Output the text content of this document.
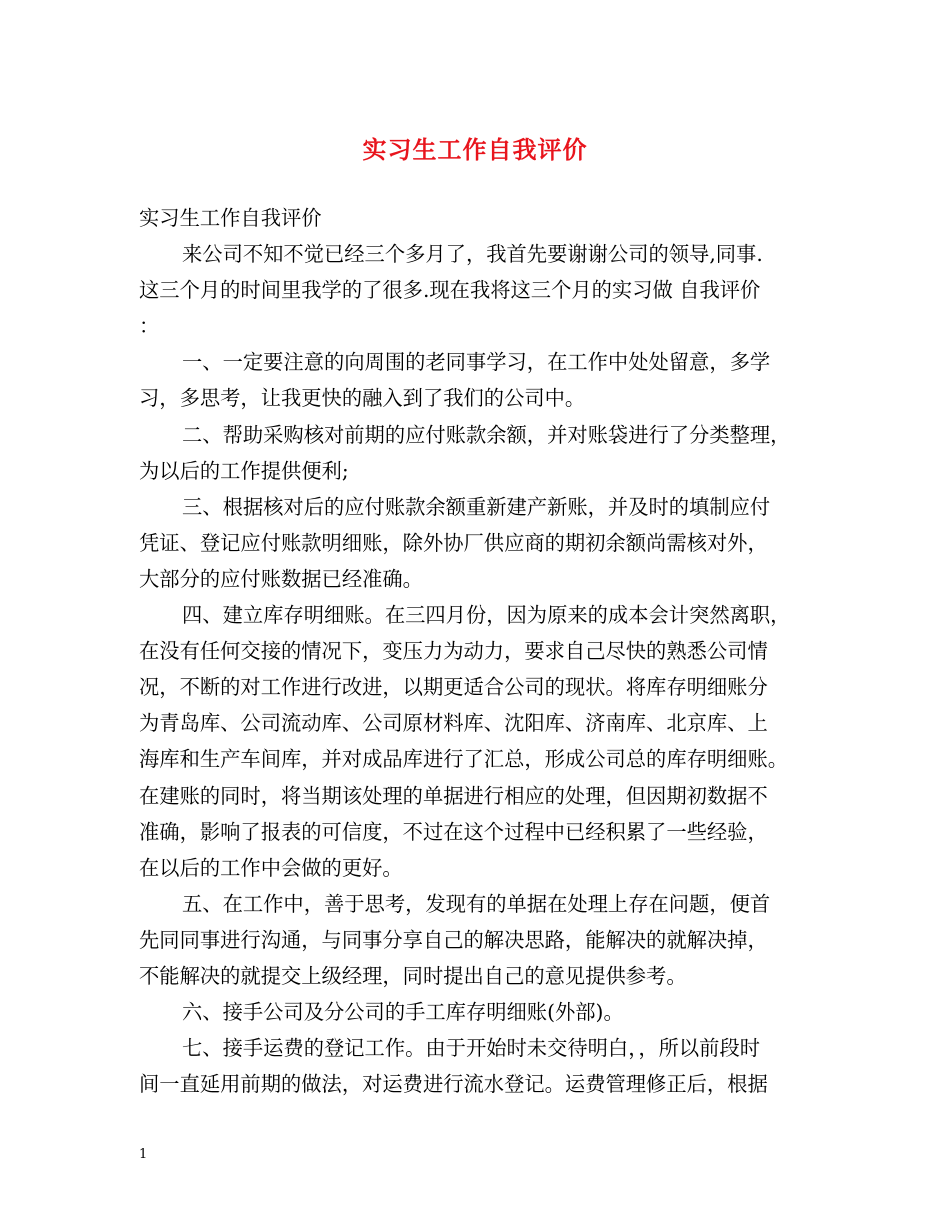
实习生工作自我评价
实习生工作自我评价
来公司不知不觉已经三个多月了，我首先要谢谢公司的领导,同事.
这三个月的时间里我学的了很多.现在我将这三个月的实习做 自我评价
：
一、一定要注意的向周围的老同事学习，在工作中处处留意，多学
习，多思考，让我更快的融入到了我们的公司中。
二、帮助采购核对前期的应付账款余额，并对账袋进行了分类整理，
为以后的工作提供便利;
三、根据核对后的应付账款余额重新建产新账，并及时的填制应付
凭证、登记应付账款明细账，除外协厂供应商的期初余额尚需核对外，
大部分的应付账数据已经准确。
四、建立库存明细账。在三四月份，因为原来的成本会计突然离职，
在没有任何交接的情况下，变压力为动力，要求自己尽快的熟悉公司情
况，不断的对工作进行改进，以期更适合公司的现状。将库存明细账分
为青岛库、公司流动库、公司原材料库、沈阳库、济南库、北京库、上
海库和生产车间库，并对成品库进行了汇总，形成公司总的库存明细账。
在建账的同时，将当期该处理的单据进行相应的处理，但因期初数据不
准确，影响了报表的可信度，不过在这个过程中已经积累了一些经验，
在以后的工作中会做的更好。
五、在工作中，善于思考，发现有的单据在处理上存在问题，便首
先同同事进行沟通，与同事分享自己的解决思路，能解决的就解决掉，
不能解决的就提交上级经理，同时提出自己的意见提供参考。
六、接手公司及分公司的手工库存明细账(外部)。
七、接手运费的登记工作。由于开始时未交待明白，，所以前段时
间一直延用前期的做法，对运费进行流水登记。运费管理修正后，根据
1
